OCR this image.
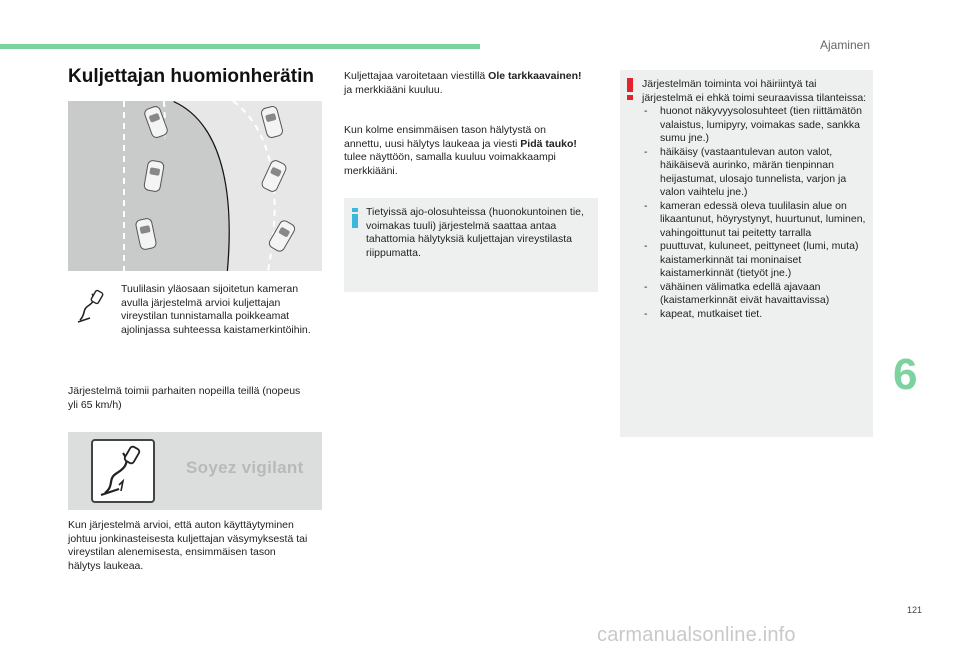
Ajaminen
Kuljettajan huomionherätin
Tuulilasin yläosaan sijoitetun kameran avulla järjestelmä arvioi kuljettajan vireystilan tunnistamalla poikkeamat ajolinjassa suhteessa kaistamerkintöihin.
Järjestelmä toimii parhaiten nopeilla teillä (nopeus yli 65 km/h)
Soyez vigilant
Kun järjestelmä arvioi, että auton käyttäytyminen johtuu jonkinasteisesta kuljettajan väsymyksestä tai vireystilan alenemisesta, ensimmäisen tason hälytys laukeaa.
Kuljettajaa varoitetaan viestillä Ole tarkkaavainen! ja merkkiääni kuuluu.
Kun kolme ensimmäisen tason hälytystä on annettu, uusi hälytys laukeaa ja viesti Pidä tauko! tulee näyttöön, samalla kuuluu voimakkaampi merkkiääni.
Tietyissä ajo-olosuhteissa (huonokuntoinen tie, voimakas tuuli) järjestelmä saattaa antaa tahattomia hälytyksiä kuljettajan vireystilasta riippumatta.
Järjestelmän toiminta voi häiriintyä tai järjestelmä ei ehkä toimi seuraavissa tilanteissa:
- huonot näkyvyysolosuhteet (tien riittämätön valaistus, lumipyry, voimakas sade, sankka sumu jne.)
- häikäisy (vastaantulevan auton valot, häikäisevä aurinko, märän tienpinnan heijastumat, ulosajo tunnelista, varjon ja valon vaihtelu jne.)
- kameran edessä oleva tuulilasin alue on likaantunut, höyrystynyt, huurtunut, luminen, vahingoittunut tai peitetty tarralla
- puuttuvat, kuluneet, peittyneet (lumi, muta) kaistamerkinnät tai moninaiset kaistamerkinnät (tietyöt jne.)
- vähäinen välimatka edellä ajavaan (kaistamerkinnät eivät havaittavissa)
- kapeat, mutkaiset tiet.
6
121
carmanualsonline.info
